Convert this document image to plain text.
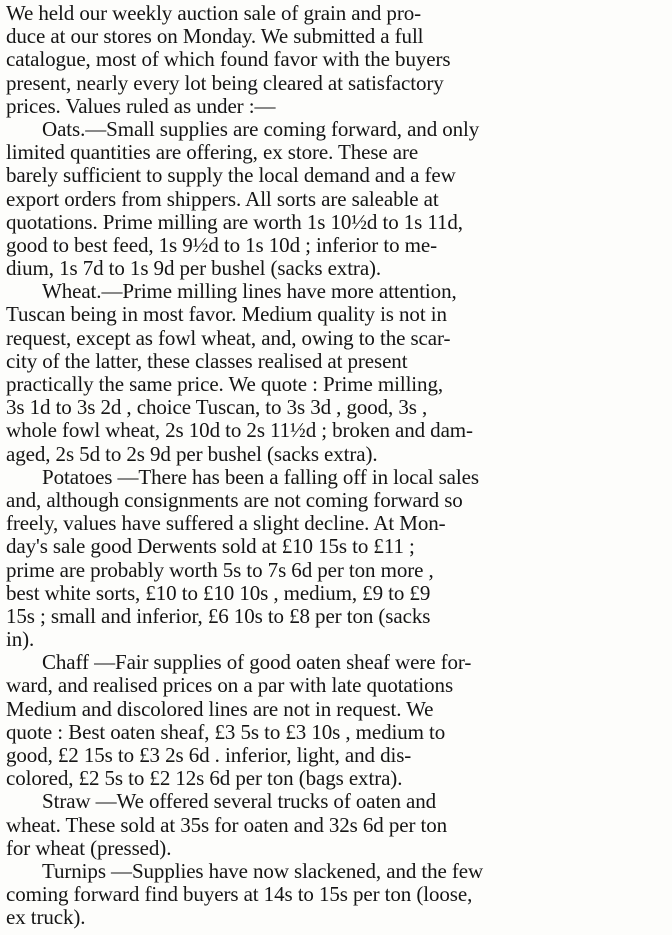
We held our weekly auction sale of grain and pro-
duce at our stores on Monday. We submitted a full
catalogue, most of which found favor with the buyers
present, nearly every lot being cleared at satisfactory
prices. Values ruled as under :—
Oats.—Small supplies are coming forward, and only
limited quantities are offering, ex store. These are
barely sufficient to supply the local demand and a few
export orders from shippers. All sorts are saleable at
quotations. Prime milling are worth 1s 10½d to 1s 11d,
good to best feed, 1s 9½d to 1s 10d ; inferior to me-
dium, 1s 7d to 1s 9d per bushel (sacks extra).
Wheat.—Prime milling lines have more attention,
Tuscan being in most favor. Medium quality is not in
request, except as fowl wheat, and, owing to the scar-
city of the latter, these classes realised at present
practically the same price. We quote : Prime milling,
3s 1d to 3s 2d , choice Tuscan, to 3s 3d , good, 3s ,
whole fowl wheat, 2s 10d to 2s 11½d ; broken and dam-
aged, 2s 5d to 2s 9d per bushel (sacks extra).
Potatoes —There has been a falling off in local sales
and, although consignments are not coming forward so
freely, values have suffered a slight decline. At Mon-
day's sale good Derwents sold at £10 15s to £11 ;
prime are probably worth 5s to 7s 6d per ton more ,
best white sorts, £10 to £10 10s , medium, £9 to £9
15s ; small and inferior, £6 10s to £8 per ton (sacks
in).
Chaff —Fair supplies of good oaten sheaf were for-
ward, and realised prices on a par with late quotations
Medium and discolored lines are not in request. We
quote : Best oaten sheaf, £3 5s to £3 10s , medium to
good, £2 15s to £3 2s 6d . inferior, light, and dis-
colored, £2 5s to £2 12s 6d per ton (bags extra).
Straw —We offered several trucks of oaten and
wheat. These sold at 35s for oaten and 32s 6d per ton
for wheat (pressed).
Turnips —Supplies have now slackened, and the few
coming forward find buyers at 14s to 15s per ton (loose,
ex truck).
